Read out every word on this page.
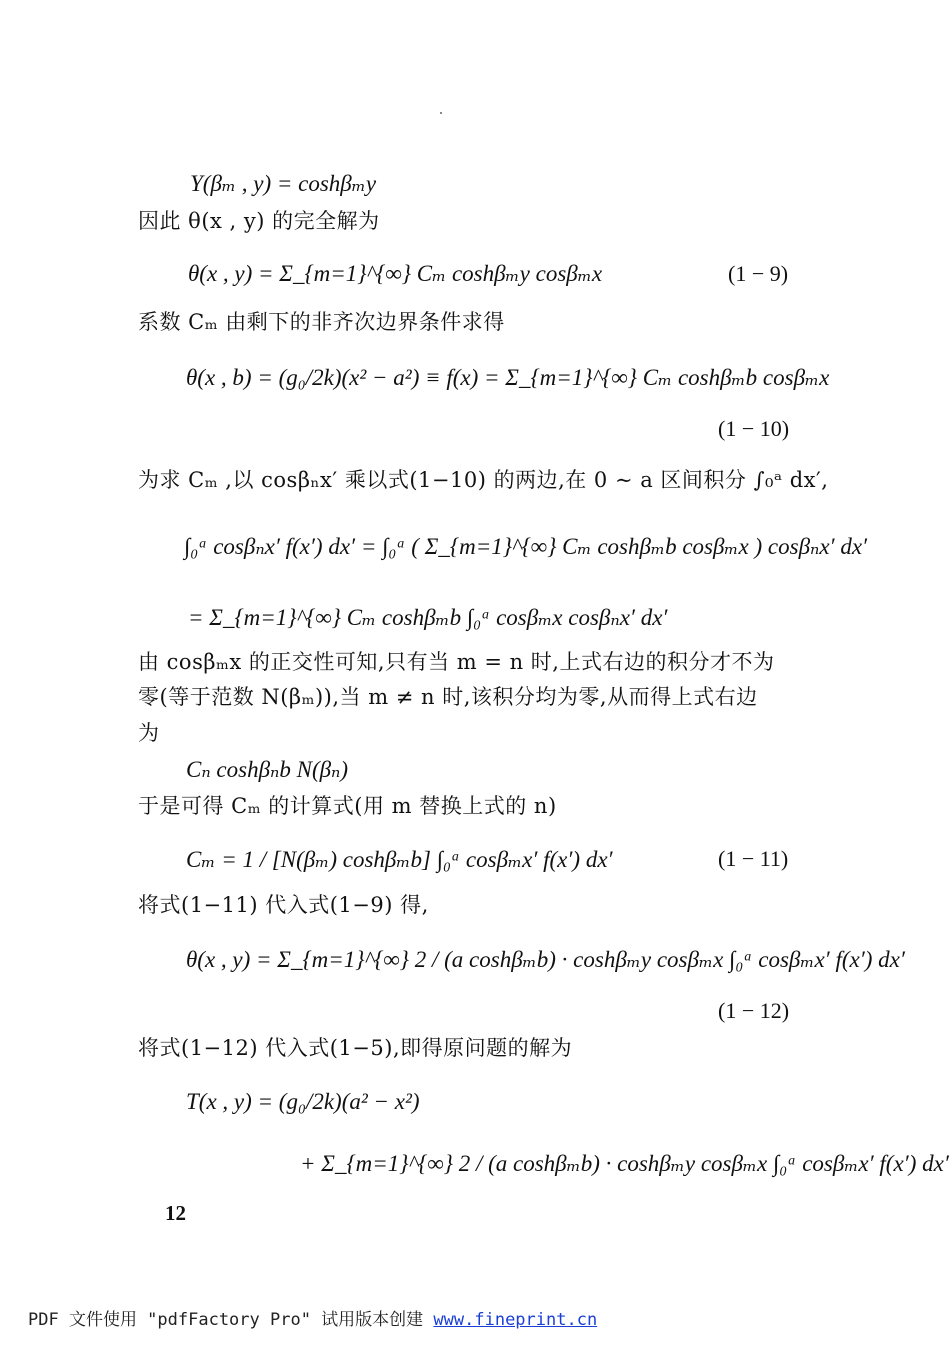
Y(βₘ , y) = coshβₘy
因此 θ(x , y) 的完全解为
θ(x , y) = Σ_{m=1}^{∞} Cₘ coshβₘy cosβₘx	(1 − 9)
系数 Cₘ 由剩下的非齐次边界条件求得
θ(x , b) = (g₀/2k)(x² − a²) ≡ f(x) = Σ_{m=1}^{∞} Cₘ coshβₘb cosβₘx
(1 − 10)
为求 Cₘ ,以 cosβₙx′ 乘以式(1−10) 的两边,在 0 ∼ a 区间积分 ∫₀ᵃ dx′,
∫₀ᵃ cosβₙx′ f(x′) dx′ = ∫₀ᵃ ( Σ_{m=1}^{∞} Cₘ coshβₘb cosβₘx ) cosβₙx′ dx′
= Σ_{m=1}^{∞} Cₘ coshβₘb ∫₀ᵃ cosβₘx cosβₙx′ dx′
由 cosβₘx 的正交性可知,只有当 m = n 时,上式右边的积分才不为
零(等于范数 N(βₘ)),当 m ≠ n 时,该积分均为零,从而得上式右边
为
Cₙ coshβₙb N(βₙ)
于是可得 Cₘ 的计算式(用 m 替换上式的 n)
Cₘ = 1 / [N(βₘ) coshβₘb] ∫₀ᵃ cosβₘx′ f(x′) dx′	(1 − 11)
将式(1−11) 代入式(1−9) 得,
θ(x , y) = Σ_{m=1}^{∞} 2 / (a coshβₘb) · coshβₘy cosβₘx ∫₀ᵃ cosβₘx′ f(x′) dx′
(1 − 12)
将式(1−12) 代入式(1−5),即得原问题的解为
T(x , y) = (g₀/2k)(a² − x²)
+ Σ_{m=1}^{∞} 2 / (a coshβₘb) · coshβₘy cosβₘx ∫₀ᵃ cosβₘx′ f(x′) dx′
12
PDF 文件使用 "pdfFactory Pro" 试用版本创建 www.fineprint.cn
